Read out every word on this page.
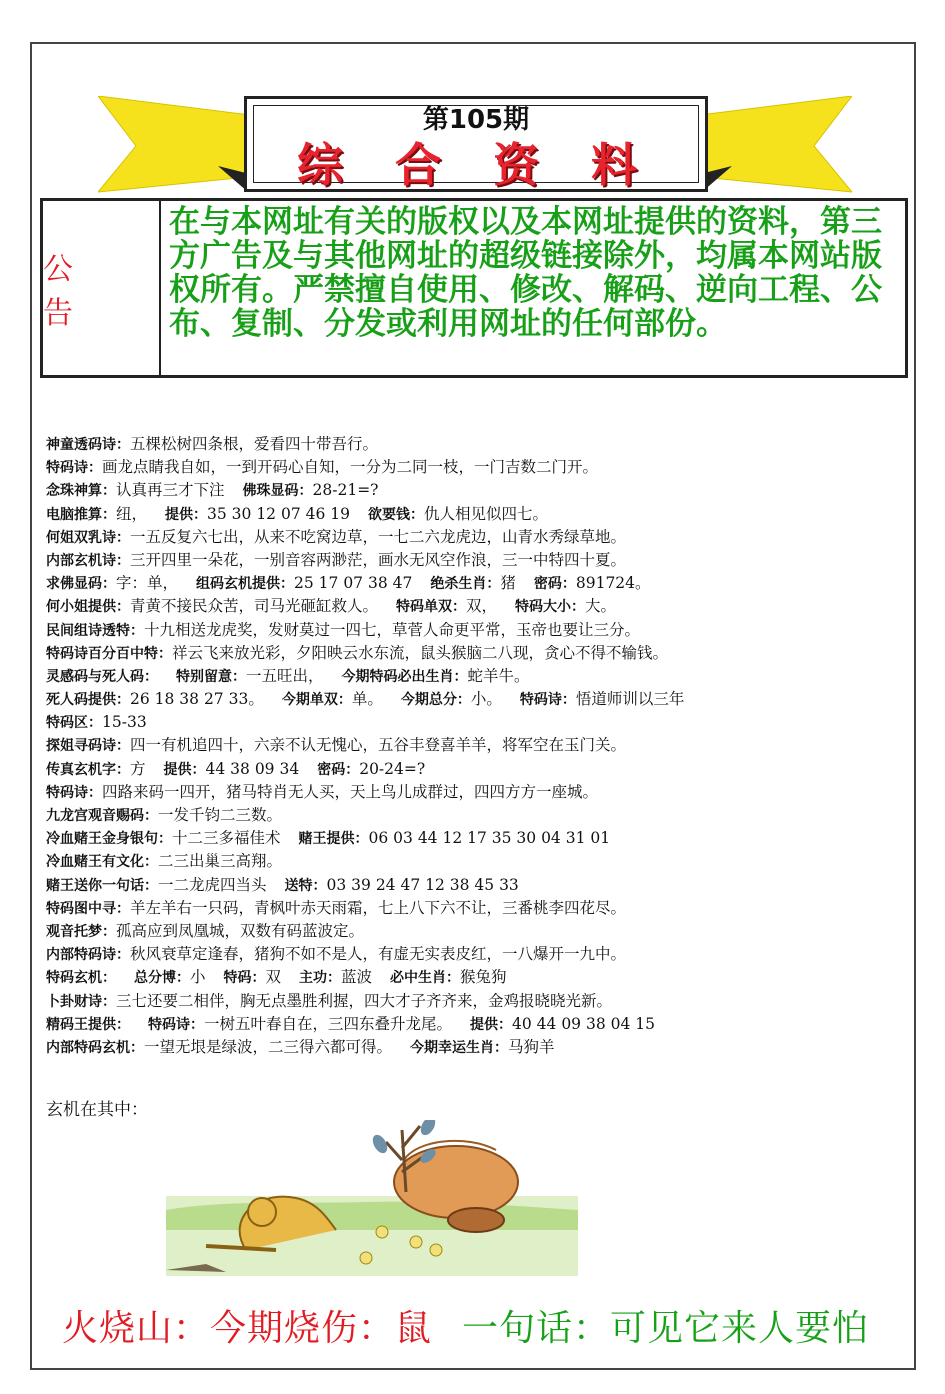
第105期
综 合 资 料
公 告
在与本网址有关的版权以及本网址提供的资料，第三方广告及与其他网址的超级链接除外，均属本网站版权所有。严禁擅自使用、修改、解码、逆向工程、公布、复制、分发或利用网址的任何部份。
神童透码诗：五棵松树四条根，爱看四十带吾行。
特码诗：画龙点睛我自如，一到开码心自知，一分为二同一枝，一门吉数二门开。
念珠神算：认真再三才下注 佛珠显码：28-21=?
电脑推算：纽， 提供：35 30 12 07 46 19 欲要钱：仇人相见似四七。
何姐双乳诗：一五反复六七出，从来不吃窝边草，一七二六龙虎边，山青水秀绿草地。
内部玄机诗：三开四里一朵花，一别音容两渺茫，画水无风空作浪，三一中特四十夏。
求佛显码：字：单， 组码玄机提供：25 17 07 38 47 绝杀生肖：猪 密码：891724。
何小姐提供：青黄不接民众苦，司马光砸缸救人。 特码单双：双， 特码大小：大。
民间组诗透特：十九相送龙虎奖，发财莫过一四七，草菅人命更平常，玉帝也要让三分。
特码诗百分百中特：祥云飞来放光彩，夕阳映云水东流，鼠头猴脑二八现，贪心不得不输钱。
灵感码与死人码： 特别留意：一五旺出， 今期特码必出生肖：蛇羊牛。
死人码提供：26 18 38 27 33。 今期单双：单。 今期总分：小。 特码诗：悟道师训以三年
特码区：15-33
探姐寻码诗：四一有机追四十，六亲不认无愧心，五谷丰登喜羊羊，将军空在玉门关。
传真玄机字：方 提供：44 38 09 34 密码：20-24=?
特码诗：四路来码一四开，猪马特肖无人买，天上鸟儿成群过，四四方方一座城。
九龙宫观音赐码：一发千钧二三数。
冷血赌王金身银句：十二三多福佳术 赌王提供：06 03 44 12 17 35 30 04 31 01
冷血赌王有文化：二三出巢三高翔。
赌王送你一句话：一二龙虎四当头 送特：03 39 24 47 12 38 45 33
特码图中寻：羊左羊右一只码，青枫叶赤天雨霜，七上八下六不让，三番桃李四花尽。
观音托梦：孤高应到凤凰城，双数有码蓝波定。
内部特码诗：秋风衰草定逢春，猪狗不如不是人，有虚无实表皮红，一八爆开一九中。
特码玄机： 总分博：小 特码：双 主功：蓝波 必中生肖：猴兔狗
卜卦财诗：三七还要二相伴，胸无点墨胜利握，四大才子齐齐来，金鸡报晓晓光新。
精码王提供： 特码诗：一树五叶春自在，三四东叠升龙尾。 提供：40 44 09 38 04 15
内部特码玄机：一望无垠是绿波，二三得六都可得。 今期幸运生肖：马狗羊
玄机在其中：
火烧山：今期烧伤：鼠 一句话：可见它来人要怕
